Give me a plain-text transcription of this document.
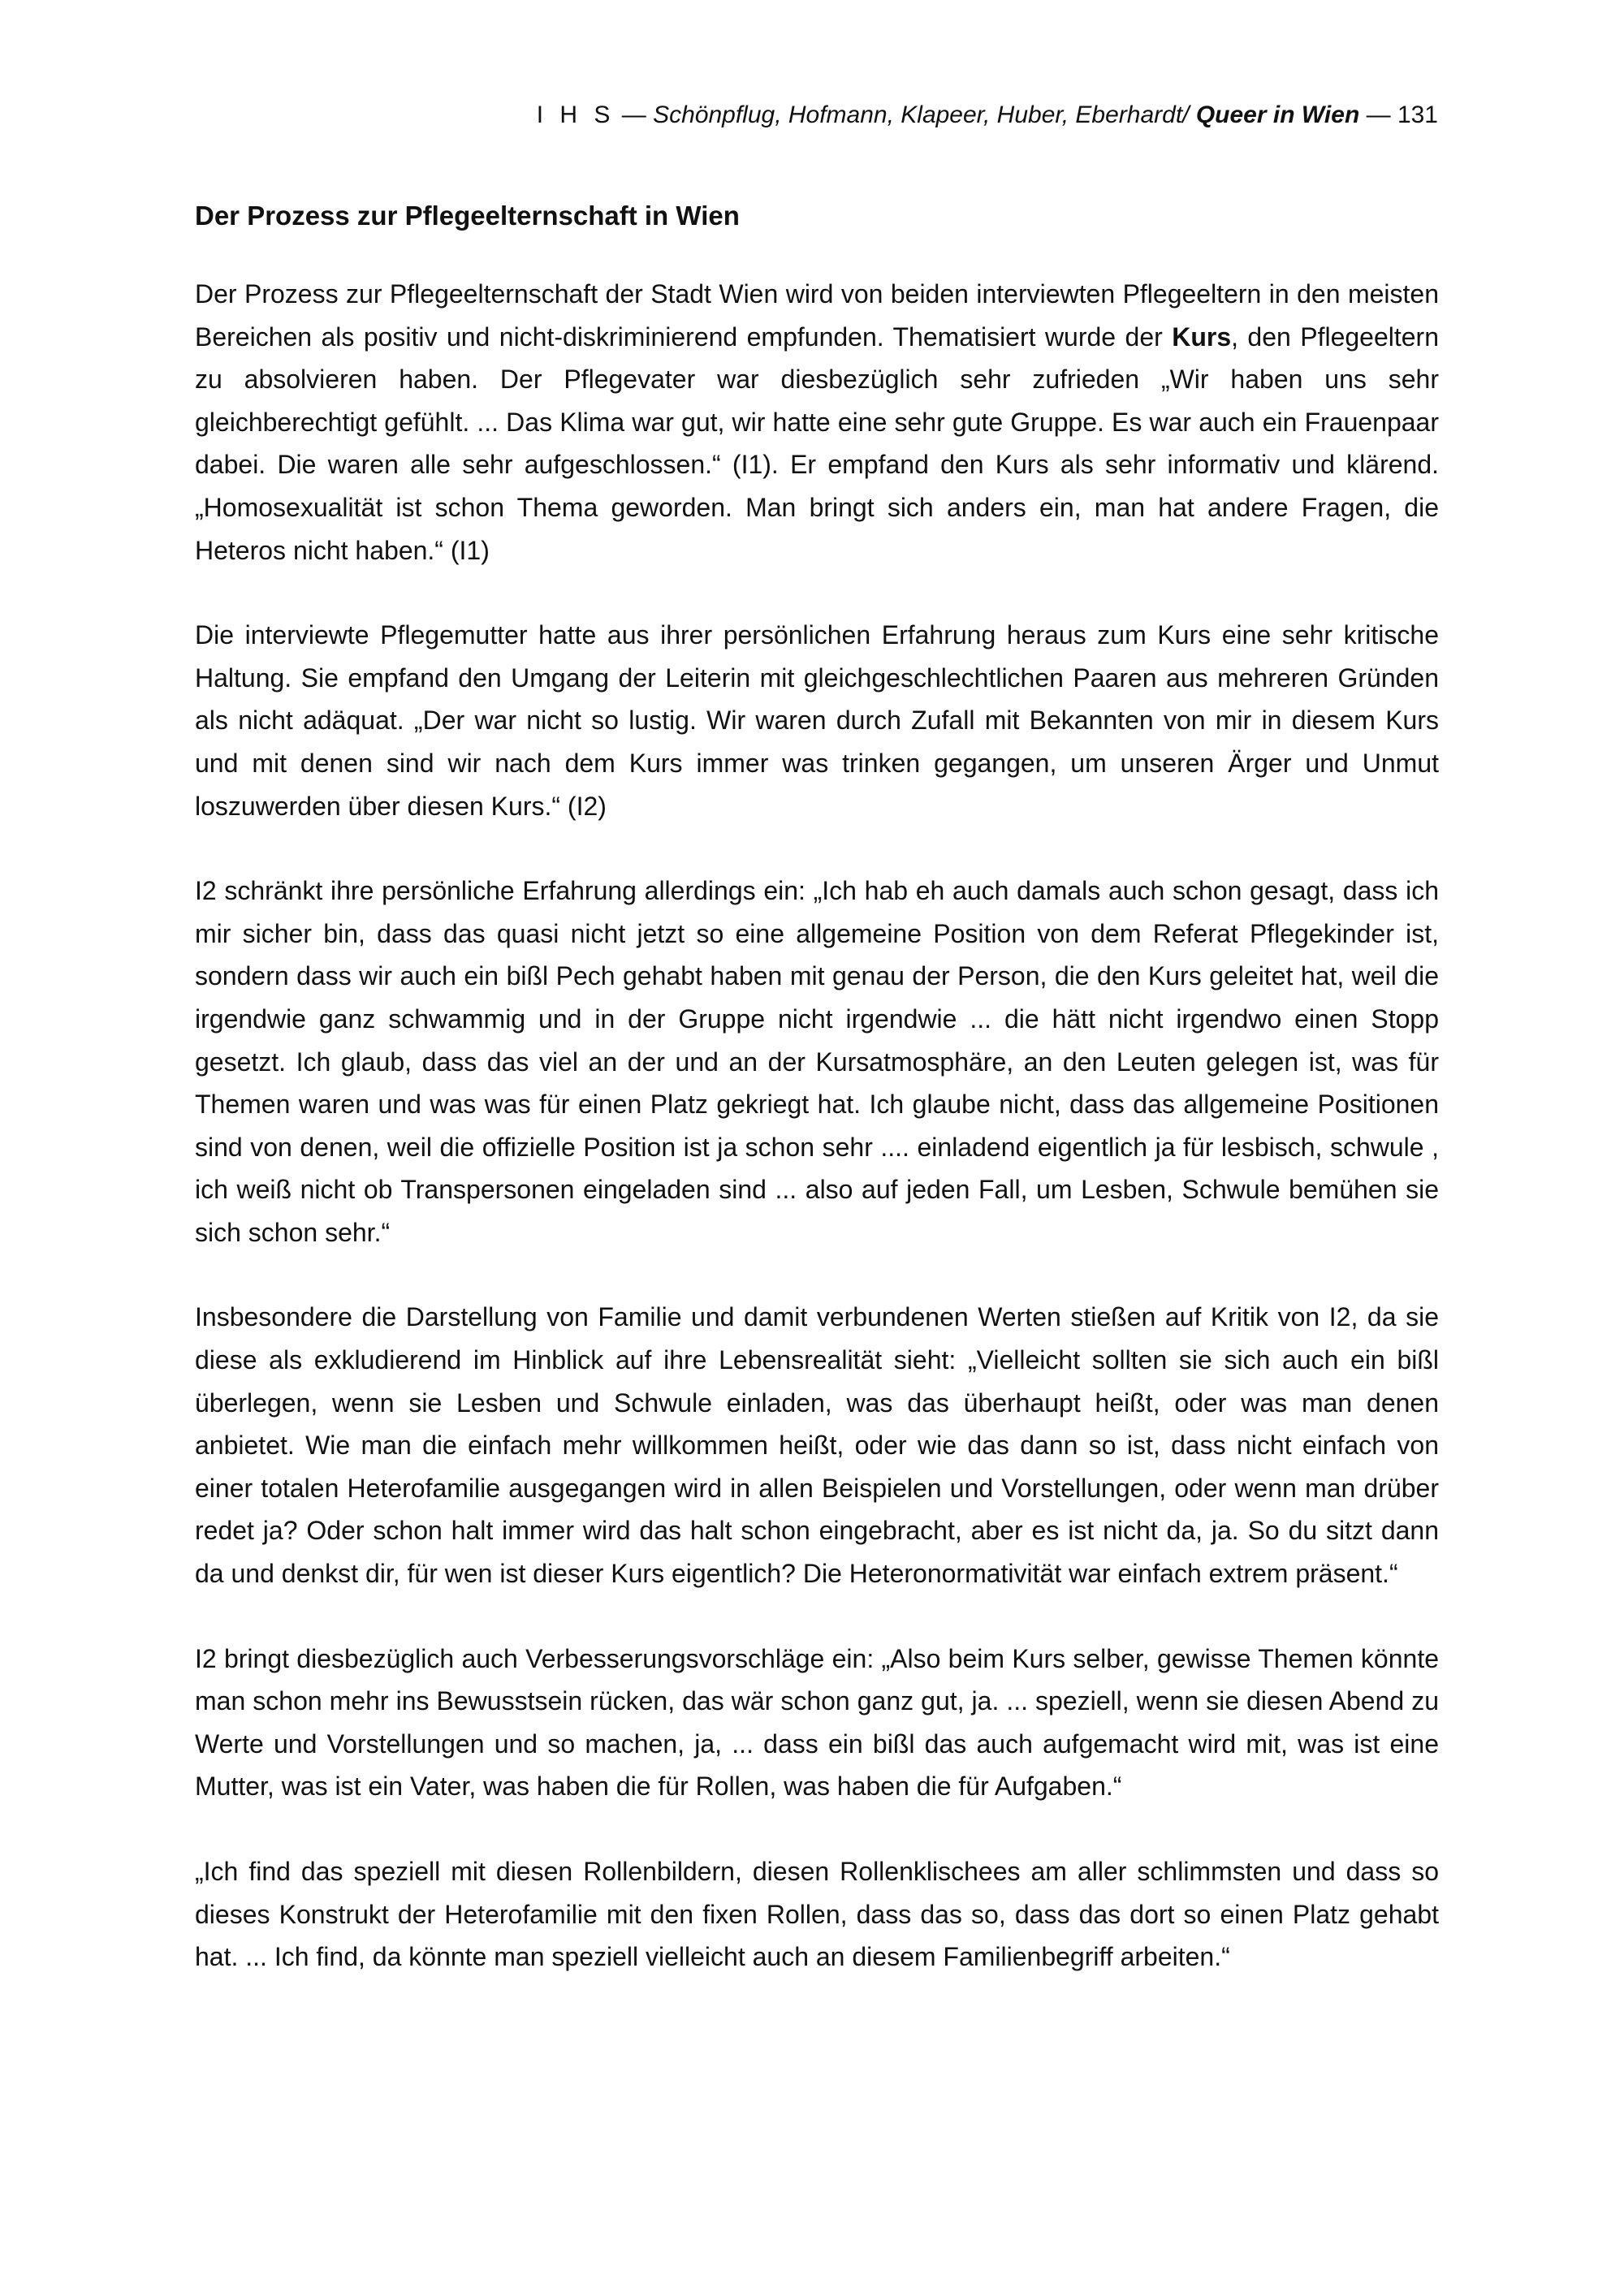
I H S — Schönpflug, Hofmann, Klapeer, Huber, Eberhardt/ Queer in Wien — 131
Der Prozess zur Pflegeelternschaft in Wien

Der Prozess zur Pflegeelternschaft der Stadt Wien wird von beiden interviewten Pflegeeltern in den meisten Bereichen als positiv und nicht-diskriminierend empfunden. Thematisiert wurde der Kurs, den Pflegeeltern zu absolvieren haben. Der Pflegevater war diesbezüglich sehr zufrieden „Wir haben uns sehr gleichberechtigt gefühlt. ... Das Klima war gut, wir hatte eine sehr gute Gruppe. Es war auch ein Frauenpaar dabei. Die waren alle sehr aufgeschlossen.“ (I1). Er empfand den Kurs als sehr informativ und klärend. „Homosexualität ist schon Thema geworden. Man bringt sich anders ein, man hat andere Fragen, die Heteros nicht haben.“ (I1)

Die interviewte Pflegemutter hatte aus ihrer persönlichen Erfahrung heraus zum Kurs eine sehr kritische Haltung. Sie empfand den Umgang der Leiterin mit gleichgeschlechtlichen Paaren aus mehreren Gründen als nicht adäquat. „Der war nicht so lustig. Wir waren durch Zufall mit Bekannten von mir in diesem Kurs und mit denen sind wir nach dem Kurs immer was trinken gegangen, um unseren Ärger und Unmut loszuwerden über diesen Kurs.“ (I2)

I2 schränkt ihre persönliche Erfahrung allerdings ein: „Ich hab eh auch damals auch schon gesagt, dass ich mir sicher bin, dass das quasi nicht jetzt so eine allgemeine Position von dem Referat Pflegekinder ist, sondern dass wir auch ein bißl Pech gehabt haben mit genau der Person, die den Kurs geleitet hat, weil die irgendwie ganz schwammig und in der Gruppe nicht irgendwie ... die hätt nicht irgendwo einen Stopp gesetzt. Ich glaub, dass das viel an der und an der Kursatmosphäre, an den Leuten gelegen ist, was für Themen waren und was was für einen Platz gekriegt hat. Ich glaube nicht, dass das allgemeine Positionen sind von denen, weil die offizielle Position ist ja schon sehr .... einladend eigentlich ja für lesbisch, schwule , ich weiß nicht ob Transpersonen eingeladen sind ... also auf jeden Fall, um Lesben, Schwule bemühen sie sich schon sehr.“

Insbesondere die Darstellung von Familie und damit verbundenen Werten stießen auf Kritik von I2, da sie diese als exkludierend im Hinblick auf ihre Lebensrealität sieht: „Vielleicht sollten sie sich auch ein bißl überlegen, wenn sie Lesben und Schwule einladen, was das überhaupt heißt, oder was man denen anbietet. Wie man die einfach mehr willkommen heißt, oder wie das dann so ist, dass nicht einfach von einer totalen Heterofamilie ausgegangen wird in allen Beispielen und Vorstellungen, oder wenn man drüber redet ja? Oder schon halt immer wird das halt schon eingebracht, aber es ist nicht da, ja. So du sitzt dann da und denkst dir, für wen ist dieser Kurs eigentlich? Die Heteronormativität war einfach extrem präsent.“

I2 bringt diesbezüglich auch Verbesserungsvorschläge ein: „Also beim Kurs selber, gewisse Themen könnte man schon mehr ins Bewusstsein rücken, das wär schon ganz gut, ja. ... speziell, wenn sie diesen Abend zu Werte und Vorstellungen und so machen, ja, ... dass ein bißl das auch aufgemacht wird mit, was ist eine Mutter, was ist ein Vater, was haben die für Rollen, was haben die für Aufgaben.“

„Ich find das speziell mit diesen Rollenbildern, diesen Rollenklischees am aller schlimmsten und dass so dieses Konstrukt der Heterofamilie mit den fixen Rollen, dass das so, dass das dort so einen Platz gehabt hat. ... Ich find, da könnte man speziell vielleicht auch an diesem Familienbegriff arbeiten.“
